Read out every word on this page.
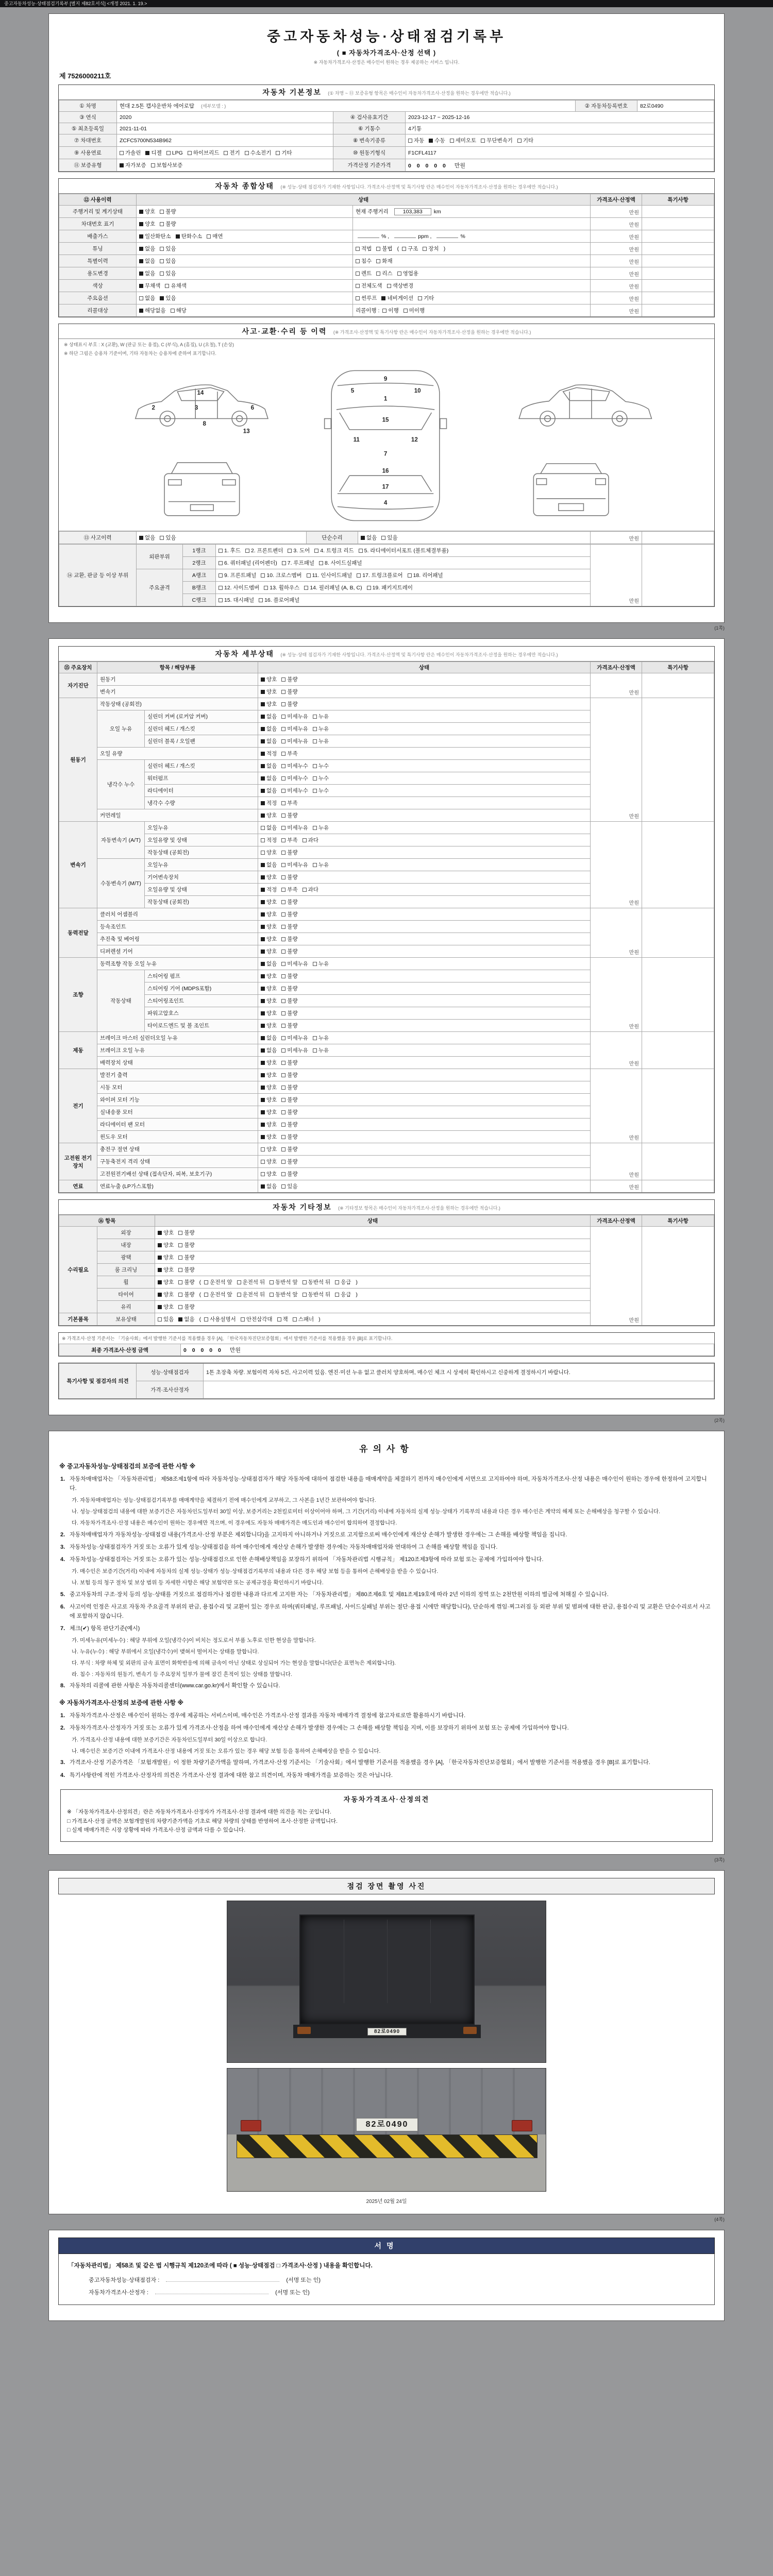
중고자동차성능·상태점검기록부 [별지 제82호서식] <개정 2021. 1. 19.>
중고자동차성능·상태점검기록부
( ■ 자동차가격조사·산정 선택 )
※ 자동차가격조사·산정은 매수인이 원하는 경우 제공하는 서비스 입니다.
제 7526000211호
자동차 기본정보 (① 차명 ~ ⑪ 보증유형 항목은 매수인이 자동차가격조사·산정을 원하는 경우에만 적습니다.)
① 차명	현대 2.5톤 캡샤운반차 에어로탑 (세부모델 : )			② 자동차등록번호	82로0490
③ 연식	2020	④ 검사유효기간	2023-12-17 ~ 2025-12-16		
⑤ 최초등록일	2021-11-01	⑥ 기통수	4기통		
⑦ 차대번호	ZCFC5700N534B962	⑧ 변속기종류	자동 수동 세미오토 무단변속기 기타		
⑨ 사용연료	가솔린 디젤 LPG 하이브리드 전기 수소전기 기타	⑩ 원동기형식	F1CFL4117		
⑪ 보증유형	자가보증 보험사보증	가격산정 기준가격	0 0 0 0 0 만원		
자동차 종합상태 (※ 성능·상태 점검자가 기재한 사항입니다. 가격조사·산정액 및 특기사항 란은 매수인이 자동차가격조사·산정을 원하는 경우에만 적습니다.)
⑫ 사용이력	상태		가격조사·산정액	특기사항
주행거리 및 계기상태	양호 불량	현재 주행거리 103,383 km	만원	
차대번호 표기	양호 불량		만원	
배출가스	일산화탄소 탄화수소 매연	% , ppm , %	만원	
튜닝	없음 있음	적법 불법 ( 구조 장치 )	만원	
특별이력	없음 있음	침수 화재	만원	
용도변경	없음 있음	렌트 리스 영업용	만원	
색상	무채색 유채색	전체도색 색상변경	만원	
주요옵션	없음 있음	썬루프 네비게이션 기타	만원	
리콜대상	해당없음 해당	리콜이행 : 이행 미이행	만원	
사고·교환·수리 등 이력 (※ 가격조사·산정액 및 특기사항 란은 매수인이 자동차가격조사·산정을 원하는 경우에만 적습니다.)
※ 상태표시 부호 : X (교환), W (판금 또는 용접), C (부식), A (흠집), U (요철), T (손상)
※ 하단 그림은 승용차 기준이며, 기타 자동차는 승용차에 준하여 표기합니다.
2	3	6
8
14
13
9
5	10
1
15
11	12
7
16
17
4
⑬ 사고이력	없음 있음	단순수리	없음 있음	만원	
⑭ 교환, 판금 등 이상 부위	외판부위	1랭크	1. 후드 2. 프론트펜더 3. 도어 4. 트렁크 리드 5. 라디에이터서포트 (볼트체결부품)	만원	
		2랭크	6. 쿼터패널 (리어펜더) 7. 루프패널 8. 사이드실패널		
	주요골격	A랭크	9. 프론트패널 10. 크로스멤버 11. 인사이드패널 17. 트렁크플로어 18. 리어패널		
		B랭크	12. 사이드멤버 13. 휠하우스 14. 필러패널 (A, B, C) 19. 패키지트레이		
		C랭크	15. 대시패널 16. 플로어패널		
(1쪽)
자동차 세부상태 (※ 성능·상태 점검자가 기재한 사항입니다. 가격조사·산정액 및 특기사항 란은 매수인이 자동차가격조사·산정을 원하는 경우에만 적습니다.)
⑮ 주요장치	항목 / 해당부품		상태	가격조사·산정액	특기사항
자기진단	원동기		양호 불량	만원	
	변속기		양호 불량		
원동기	작동상태 (공회전)		양호 불량	만원	
	오일 누유	실린더 커버 (로커암 커버)	없음 미세누유 누유		
		실린더 헤드 / 개스킷	없음 미세누유 누유		
		실린더 블록 / 오일팬	없음 미세누유 누유		
	오일 유량		적정 부족		
	냉각수 누수	실린더 헤드 / 개스킷	없음 미세누수 누수		
		워터펌프	없음 미세누수 누수		
		라디에이터	없음 미세누수 누수		
		냉각수 수량	적정 부족		
	커먼레일		양호 불량		
변속기	자동변속기 (A/T)	오일누유	없음 미세누유 누유	만원	
		오일유량 및 상태	적정 부족 과다		
		작동상태 (공회전)	양호 불량		
	수동변속기 (M/T)	오일누유	없음 미세누유 누유		
		기어변속장치	양호 불량		
		오일유량 및 상태	적정 부족 과다		
		작동상태 (공회전)	양호 불량		
동력전달	클러치 어셈블리		양호 불량	만원	
	등속조인트		양호 불량		
	추진축 및 베어링		양호 불량		
	디퍼렌셜 기어		양호 불량		
조향	동력조향 작동 오일 누유		없음 미세누유 누유	만원	
	작동상태	스티어링 펌프	양호 불량		
		스티어링 기어 (MDPS포함)	양호 불량		
		스티어링조인트	양호 불량		
		파워고압호스	양호 불량		
		타이로드엔드 및 볼 조인트	양호 불량		
제동	브레이크 마스터 실린더오일 누유		없음 미세누유 누유	만원	
	브레이크 오일 누유		없음 미세누유 누유		
	배력장치 상태		양호 불량		
전기	발전기 출력		양호 불량	만원	
	시동 모터		양호 불량		
	와이퍼 모터 기능		양호 불량		
	실내송풍 모터		양호 불량		
	라디에이터 팬 모터		양호 불량		
	윈도우 모터		양호 불량		
고전원 전기장치	충전구 절연 상태		양호 불량	만원	
	구동축전지 격리 상태		양호 불량		
	고전원전기배선 상태 (접속단자, 피복, 보호기구)		양호 불량		
연료	연료누출 (LP가스포함)		없음 있음	만원	
자동차 기타정보 (※ 기타정보 항목은 매수인이 자동차가격조사·산정을 원하는 경우에만 적습니다.)
⑯ 항목		상태	가격조사·산정액	특기사항
수리필요	외장	양호 불량	만원	
	내장	양호 불량		
	광택	양호 불량		
	룸 크리닝	양호 불량		
	휠	양호 불량 ( 운전석 앞 운전석 뒤 동반석 앞 동반석 뒤 응급 )		
	타이어	양호 불량 ( 운전석 앞 운전석 뒤 동반석 앞 동반석 뒤 응급 )		
	유리	양호 불량		
기본품목	보유상태	있음 없음 ( 사용설명서 안전삼각대 잭 스패너 )		
※ 가격조사·산정 기준서는 「기술사회」에서 발행한 기준서를 적용했을 경우 [A], 「한국자동차진단보증협회」에서 발행한 기준서를 적용했을 경우 [B]로 표기합니다.
최종 가격조사·산정 금액	0 0 0 0 0 만원
특기사항 및 점검자의 의견	성능·상태점검자	1톤 초장축 차량. 보험이력 자차 5건, 사고이력 있음. 엔진·미션 누유 없고 클러치 양호하며, 매수인 체크 시 상세히 확인하시고 신중하게 결정하시기 바랍니다.
	가격·조사산정자	
(2쪽)
유의사항
※ 중고자동차성능·상태점검의 보증에 관한 사항 ※
1. 자동차매매업자는 「자동차관리법」 제58조제1항에 따라 자동차성능·상태점검자가 해당 자동차에 대하여 점검한 내용을 매매계약을 체결하기 전까지 매수인에게 서면으로 고지하여야 하며, 자동차가격조사·산정 내용은 매수인이 원하는 경우에 한정하여 고지합니다.
가. 자동차매매업자는 성능·상태점검기록부를 매매계약을 체결하기 전에 매수인에게 교부하고, 그 사본을 1년간 보관하여야 합니다.
나. 성능·상태점검의 내용에 대한 보증기간은 자동차인도일부터 30일 이상, 보증거리는 2천킬로미터 이상이어야 하며, 그 기간(거리) 이내에 자동차의 실제 성능·상태가 기록부의 내용과 다른 경우 매수인은 계약의 해제 또는 손해배상을 청구할 수 있습니다.
다. 자동차가격조사·산정 내용은 매수인이 원하는 경우에만 적으며, 이 경우에도 자동차 매매가격은 매도인과 매수인이 합의하여 결정합니다.
2. 자동차매매업자가 자동차성능·상태점검 내용(가격조사·산정 부분은 제외합니다)을 고지하지 아니하거나 거짓으로 고지함으로써 매수인에게 재산상 손해가 발생한 경우에는 그 손해를 배상할 책임을 집니다.
3. 자동차성능·상태점검자가 거짓 또는 오류가 있게 성능·상태점검을 하여 매수인에게 재산상 손해가 발생한 경우에는 자동차매매업자와 연대하여 그 손해를 배상할 책임을 집니다.
4. 자동차성능·상태점검자는 거짓 또는 오류가 있는 성능·상태점검으로 인한 손해배상책임을 보장하기 위하여 「자동차관리법 시행규칙」 제120조제3항에 따라 보험 또는 공제에 가입하여야 합니다.
가. 매수인은 보증기간(거리) 이내에 자동차의 실제 성능·상태가 성능·상태점검기록부의 내용과 다른 경우 해당 보험 등을 통하여 손해배상을 받을 수 있습니다.
나. 보험 등의 청구 절차 및 보상 범위 등 자세한 사항은 해당 보험약관 또는 공제규정을 확인하시기 바랍니다.
5. 중고자동차의 구조·장치 등의 성능·상태를 거짓으로 점검하거나 점검한 내용과 다르게 고지한 자는 「자동차관리법」 제80조제6호 및 제81조제19호에 따라 2년 이하의 징역 또는 2천만원 이하의 벌금에 처해질 수 있습니다.
6. 사고이력 인정은 사고로 자동차 주요골격 부위의 판금, 용접수리 및 교환이 있는 경우로 하며(쿼터패널, 루프패널, 사이드실패널 부위는 절단·용접 시에만 해당합니다), 단순하게 꺾임·찌그러짐 등 외판 부위 및 범퍼에 대한 판금, 용접수리 및 교환은 단순수리로서 사고에 포함하지 않습니다.
7. 체크(✔) 항목 판단기준(예시)
가. 미세누유(미세누수) : 해당 부위에 오일(냉각수)이 비치는 정도로서 부품 노후로 인한 현상을 말합니다.
나. 누유(누수) : 해당 부위에서 오일(냉각수)이 맺혀서 떨어지는 상태를 말합니다.
다. 부식 : 차량 하체 및 외판의 금속 표면이 화학반응에 의해 금속이 아닌 상태로 상실되어 가는 현상을 말합니다(단순 표면녹은 제외합니다).
라. 침수 : 자동차의 원동기, 변속기 등 주요장치 일부가 물에 잠긴 흔적이 있는 상태를 말합니다.
8. 자동차의 리콜에 관한 사항은 자동차리콜센터(www.car.go.kr)에서 확인할 수 있습니다.
※ 자동차가격조사·산정의 보증에 관한 사항 ※
1. 자동차가격조사·산정은 매수인이 원하는 경우에 제공하는 서비스이며, 매수인은 가격조사·산정 결과를 자동차 매매가격 결정에 참고자료로만 활용하시기 바랍니다.
2. 자동차가격조사·산정자가 거짓 또는 오류가 있게 가격조사·산정을 하여 매수인에게 재산상 손해가 발생한 경우에는 그 손해를 배상할 책임을 지며, 이를 보장하기 위하여 보험 또는 공제에 가입하여야 합니다.
가. 가격조사·산정 내용에 대한 보증기간은 자동차인도일부터 30일 이상으로 합니다.
나. 매수인은 보증기간 이내에 가격조사·산정 내용에 거짓 또는 오류가 있는 경우 해당 보험 등을 통하여 손해배상을 받을 수 있습니다.
3. 가격조사·산정 기준가격은 「보험개발원」이 정한 차량기준가액을 말하며, 가격조사·산정 기준서는 「기술사회」에서 발행한 기준서를 적용했을 경우 [A], 「한국자동차진단보증협회」에서 발행한 기준서를 적용했을 경우 [B]로 표기합니다.
4. 특기사항란에 적힌 가격조사·산정자의 의견은 가격조사·산정 결과에 대한 참고 의견이며, 자동차 매매가격을 보증하는 것은 아닙니다.
자동차가격조사·산정의견
※ 「자동차가격조사·산정의견」란은 자동차가격조사·산정자가 가격조사·산정 결과에 대한 의견을 적는 곳입니다.
□ 가격조사·산정 금액은 보험개발원의 차량기준가액을 기초로 해당 차량의 상태를 반영하여 조사·산정한 금액입니다.
□ 실제 매매가격은 시장 상황에 따라 가격조사·산정 금액과 다를 수 있습니다.
(3쪽)
점검 장면 촬영 사진
82로0490
82로0490
2025년 02월 24일
(4쪽)
서명

「자동차관리법」 제58조 및 같은 법 시행규칙 제120조에 따라 ( ■ 성능·상태점검 □ 가격조사·산정 ) 내용을 확인합니다.

중고자동차성능·상태점검자 :	(서명 또는 인)
자동차가격조사·산정자 :	(서명 또는 인)
